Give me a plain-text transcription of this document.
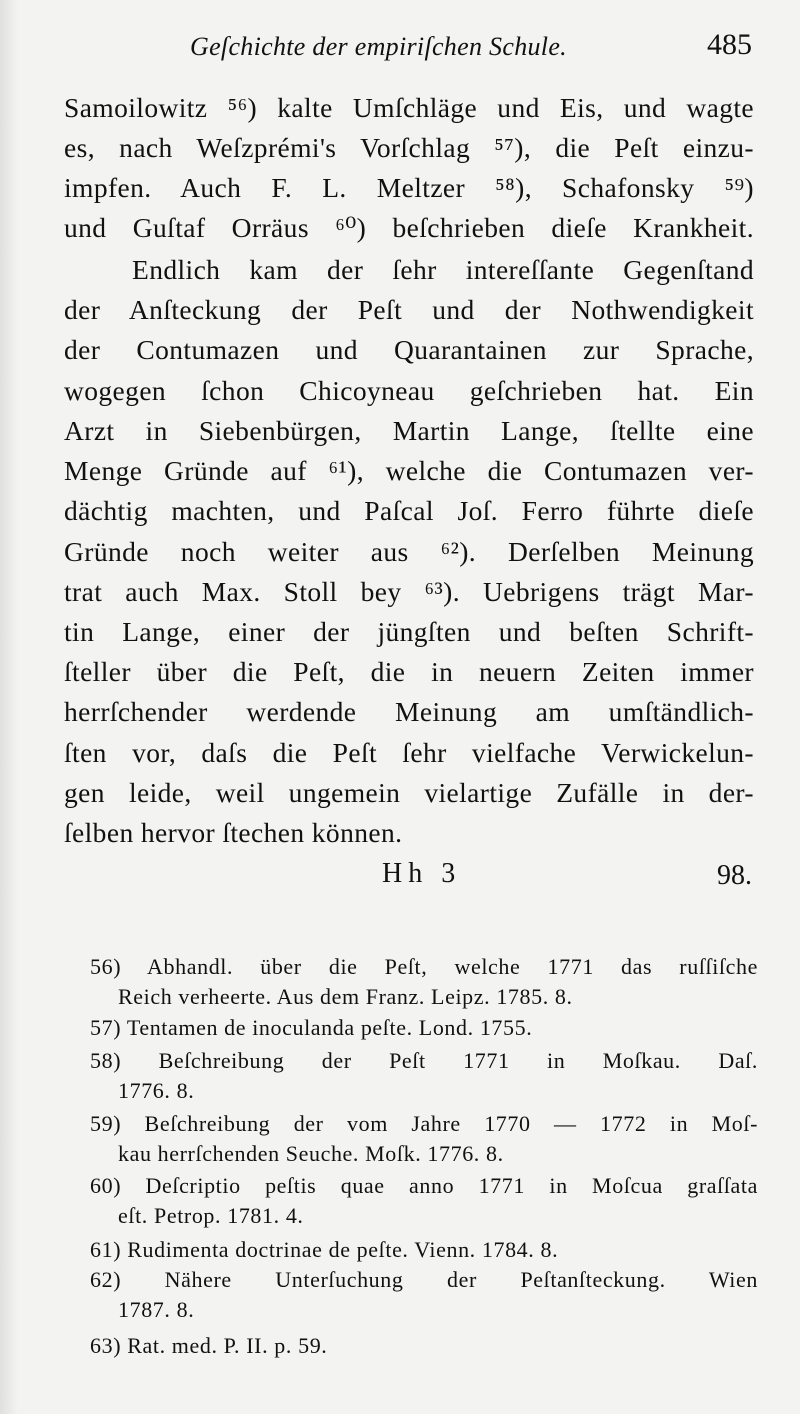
Geſchichte der empiriſchen Schule.	485
Samoilowitz ⁵⁶) kalte Umſchläge und Eis, und wagte
es, nach Weſzprémi's Vorſchlag ⁵⁷), die Peſt einzu-
impfen. Auch F. L. Meltzer ⁵⁸), Schafonsky ⁵⁹)
und Guſtaf Orräus ⁶⁰) beſchrieben dieſe Krankheit.
Endlich kam der ſehr intereſſante Gegenſtand
der Anſteckung der Peſt und der Nothwendigkeit
der Contumazen und Quarantainen zur Sprache,
wogegen ſchon Chicoyneau geſchrieben hat. Ein
Arzt in Siebenbürgen, Martin Lange, ſtellte eine
Menge Gründe auf ⁶¹), welche die Contumazen ver-
dächtig machten, und Paſcal Joſ. Ferro führte dieſe
Gründe noch weiter aus ⁶²). Derſelben Meinung
trat auch Max. Stoll bey ⁶³). Uebrigens trägt Mar-
tin Lange, einer der jüngſten und beſten Schrift-
ſteller über die Peſt, die in neuern Zeiten immer
herrſchender werdende Meinung am umſtändlich-
ſten vor, daſs die Peſt ſehr vielfache Verwickelun-
gen leide, weil ungemein vielartige Zufälle in der-
ſelben hervor ſtechen können.
Hh 3	98.
56) Abhandl. über die Peſt, welche 1771 das ruſſiſche
Reich verheerte. Aus dem Franz. Leipz. 1785. 8.
57) Tentamen de inoculanda peſte. Lond. 1755.
58) Beſchreibung der Peſt 1771 in Moſkau. Daſ.
1776. 8.
59) Beſchreibung der vom Jahre 1770 — 1772 in Moſ-
kau herrſchenden Seuche. Moſk. 1776. 8.
60) Deſcriptio peſtis quae anno 1771 in Moſcua graſſata
eſt. Petrop. 1781. 4.
61) Rudimenta doctrinae de peſte. Vienn. 1784. 8.
62) Nähere Unterſuchung der Peſtanſteckung. Wien
1787. 8.
63) Rat. med. P. II. p. 59.
